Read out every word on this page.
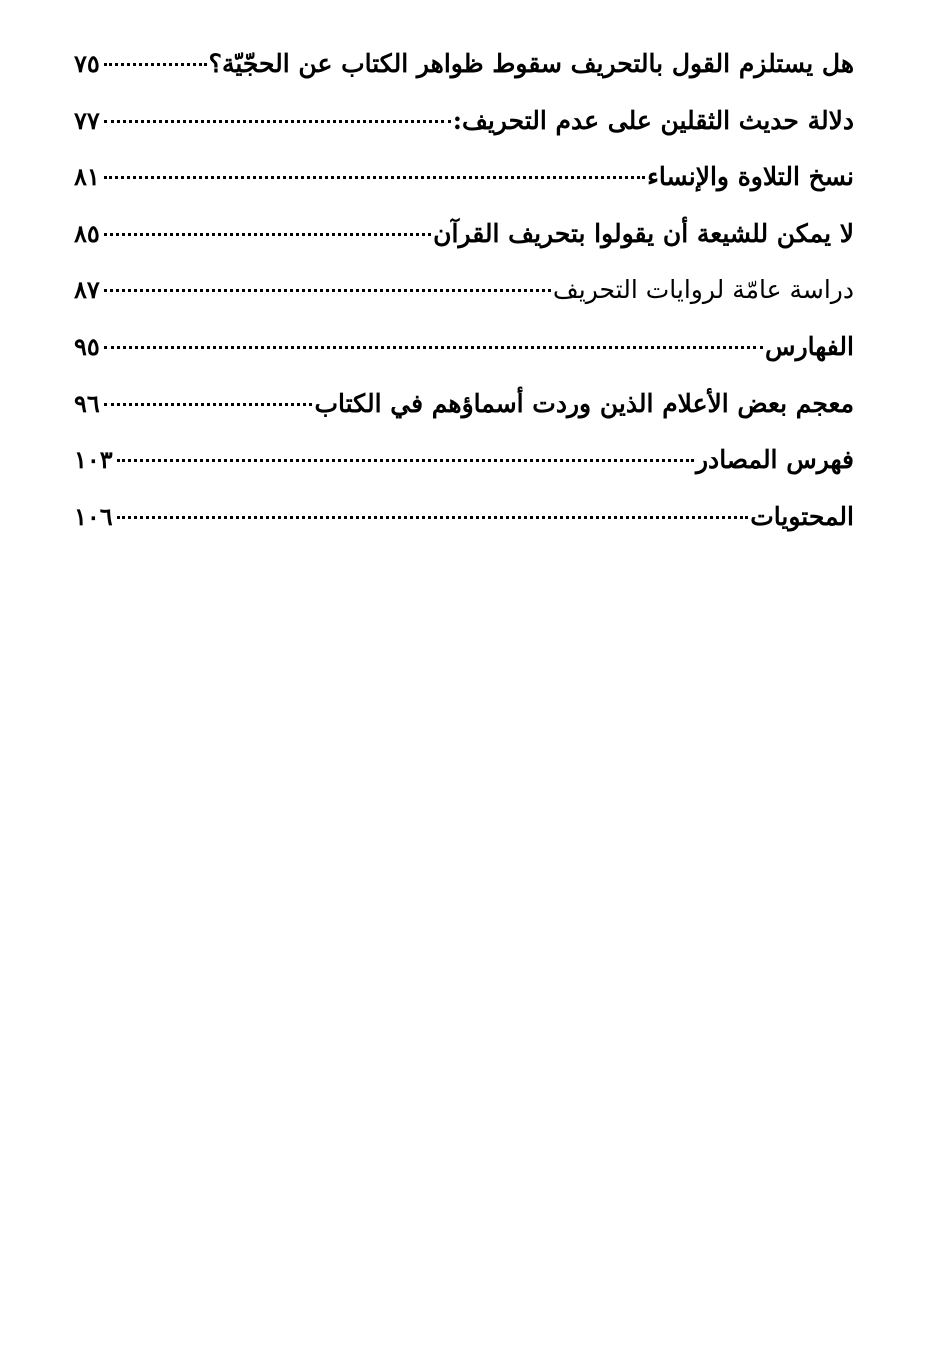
هل يستلزم القول بالتحريف سقوط ظواهر الكتاب عن الحجّيّة؟
٧٥
دلالة حديث الثقلين على عدم التحريف:
٧٧
نسخ التلاوة والإنساء
٨١
لا يمكن للشيعة أن يقولوا بتحريف القرآن
٨٥
دراسة عامّة لروايات التحريف
٨٧
الفهارس
٩٥
معجم بعض الأعلام الذين وردت أسماؤهم في الكتاب
٩٦
فهرس المصادر
١٠٣
المحتويات
١٠٦
